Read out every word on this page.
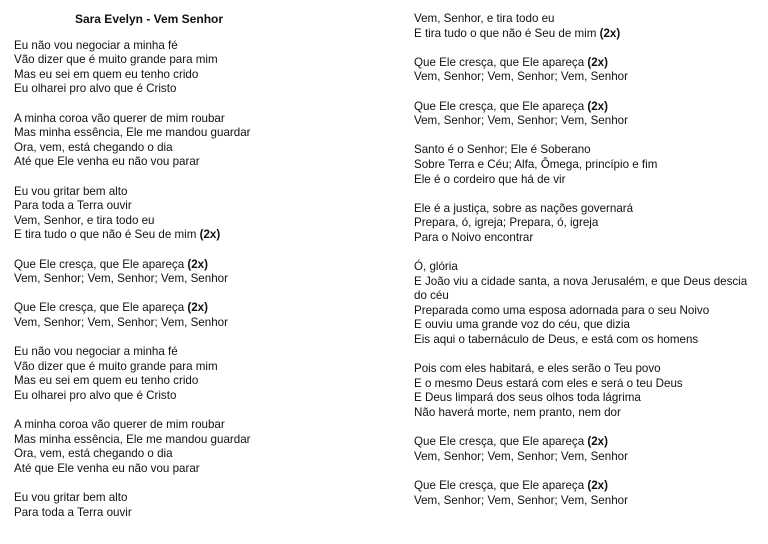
Sara Evelyn - Vem Senhor
Eu não vou negociar a minha fé
Vão dizer que é muito grande para mim
Mas eu sei em quem eu tenho crido
Eu olharei pro alvo que é Cristo
A minha coroa vão querer de mim roubar
Mas minha essência, Ele me mandou guardar
Ora, vem, está chegando o dia
Até que Ele venha eu não vou parar
Eu vou gritar bem alto
Para toda a Terra ouvir
Vem, Senhor, e tira todo eu
E tira tudo o que não é Seu de mim (2x)
Que Ele cresça, que Ele apareça (2x)
Vem, Senhor; Vem, Senhor; Vem, Senhor
Que Ele cresça, que Ele apareça (2x)
Vem, Senhor; Vem, Senhor; Vem, Senhor
Eu não vou negociar a minha fé
Vão dizer que é muito grande para mim
Mas eu sei em quem eu tenho crido
Eu olharei pro alvo que é Cristo
A minha coroa vão querer de mim roubar
Mas minha essência, Ele me mandou guardar
Ora, vem, está chegando o dia
Até que Ele venha eu não vou parar
Eu vou gritar bem alto
Para toda a Terra ouvir
Vem, Senhor, e tira todo eu
E tira tudo o que não é Seu de mim (2x)
Que Ele cresça, que Ele apareça (2x)
Vem, Senhor; Vem, Senhor; Vem, Senhor
Que Ele cresça, que Ele apareça (2x)
Vem, Senhor; Vem, Senhor; Vem, Senhor
Santo é o Senhor; Ele é Soberano
Sobre Terra e Céu; Alfa, Ômega, princípio e fim
Ele é o cordeiro que há de vir
Ele é a justiça, sobre as nações governará
Prepara, ó, igreja; Prepara, ó, igreja
Para o Noivo encontrar
Ó, glória
E João viu a cidade santa, a nova Jerusalém, e que Deus descia do céu
Preparada como uma esposa adornada para o seu Noivo
E ouviu uma grande voz do céu, que dizia
Eis aqui o tabernáculo de Deus, e está com os homens
Pois com eles habitará, e eles serão o Teu povo
E o mesmo Deus estará com eles e será o teu Deus
E Deus limpará dos seus olhos toda lágrima
Não haverá morte, nem pranto, nem dor
Que Ele cresça, que Ele apareça (2x)
Vem, Senhor; Vem, Senhor; Vem, Senhor
Que Ele cresça, que Ele apareça (2x)
Vem, Senhor; Vem, Senhor; Vem, Senhor
